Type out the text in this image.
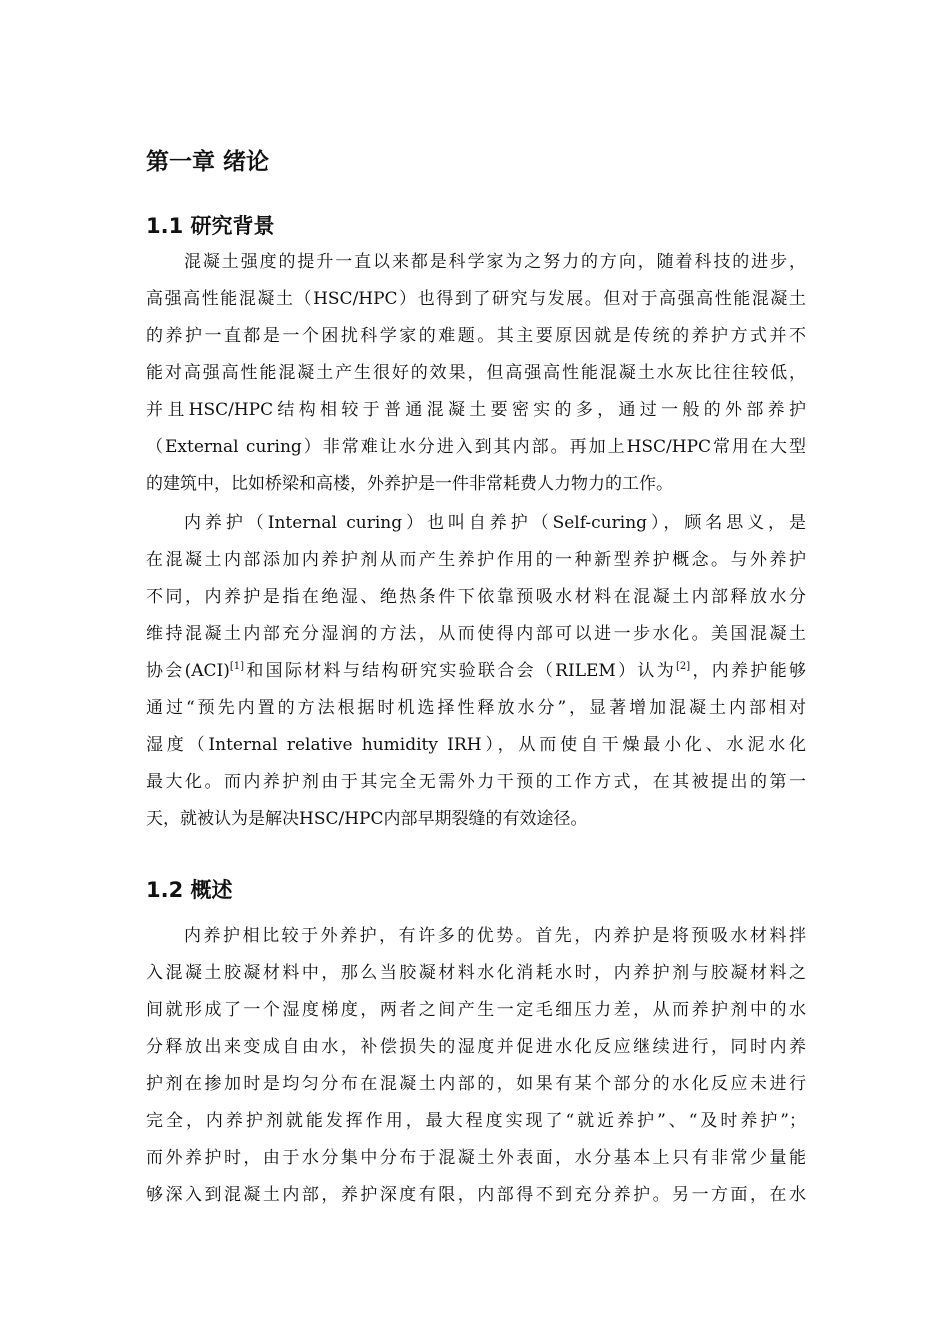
第一章 绪论
1.1 研究背景

混凝土强度的提升一直以来都是科学家为之努力的方向，随着科技的进步，

高强高性能混凝土（HSC/HPC）也得到了研究与发展。但对于高强高性能混凝土

的养护一直都是一个困扰科学家的难题。其主要原因就是传统的养护方式并不

能对高强高性能混凝土产生很好的效果，但高强高性能混凝土水灰比往往较低，

并且HSC/HPC结构相较于普通混凝土要密实的多，通过一般的外部养护

（External curing）非常难让水分进入到其内部。再加上HSC/HPC常用在大型

的建筑中，比如桥梁和高楼，外养护是一件非常耗费人力物力的工作。

内养护（Internal curing）也叫自养护（Self-curing），顾名思义，是

在混凝土内部添加内养护剂从而产生养护作用的一种新型养护概念。与外养护

不同，内养护是指在绝湿、绝热条件下依靠预吸水材料在混凝土内部释放水分

维持混凝土内部充分湿润的方法，从而使得内部可以进一步水化。美国混凝土

协会(ACI)[1]和国际材料与结构研究实验联合会（RILEM）认为[2]，内养护能够

通过“预先内置的方法根据时机选择性释放水分”，显著增加混凝土内部相对

湿度（Internal relative humidity IRH），从而使自干燥最小化、水泥水化

最大化。而内养护剂由于其完全无需外力干预的工作方式，在其被提出的第一

天，就被认为是解决HSC/HPC内部早期裂缝的有效途径。

1.2 概述

内养护相比较于外养护，有许多的优势。首先，内养护是将预吸水材料拌

入混凝土胶凝材料中，那么当胶凝材料水化消耗水时，内养护剂与胶凝材料之

间就形成了一个湿度梯度，两者之间产生一定毛细压力差，从而养护剂中的水

分释放出来变成自由水，补偿损失的湿度并促进水化反应继续进行，同时内养

护剂在掺加时是均匀分布在混凝土内部的，如果有某个部分的水化反应未进行

完全，内养护剂就能发挥作用，最大程度实现了“就近养护”、“及时养护”；

而外养护时，由于水分集中分布于混凝土外表面，水分基本上只有非常少量能

够深入到混凝土内部，养护深度有限，内部得不到充分养护。另一方面，在水
